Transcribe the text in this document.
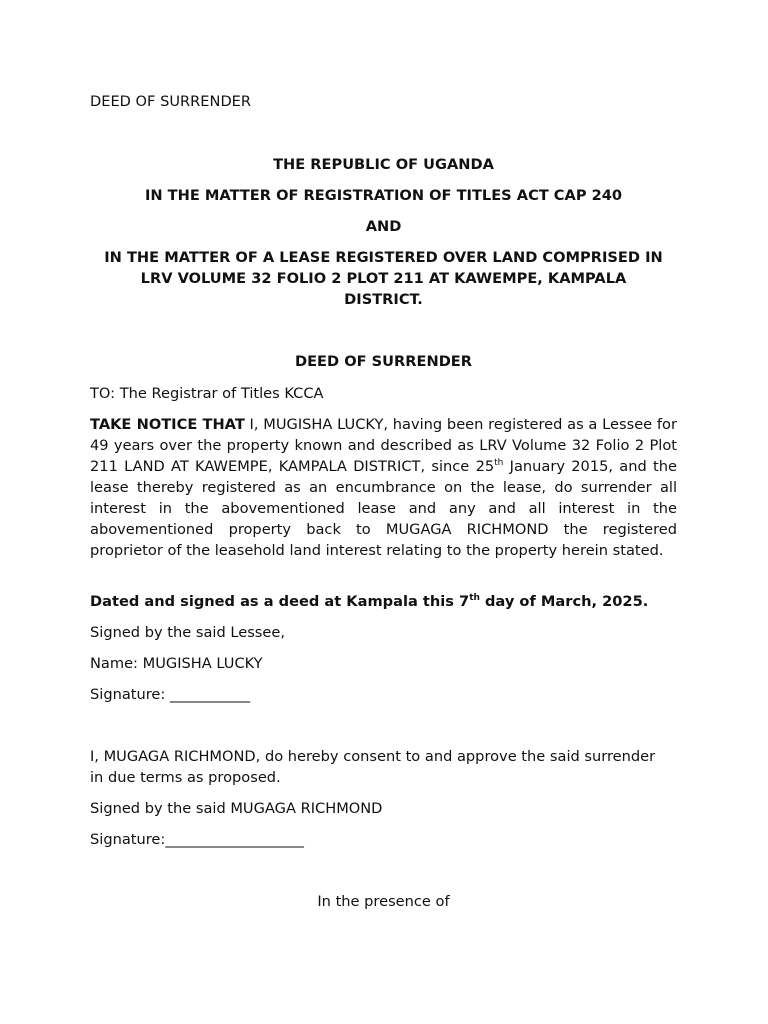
DEED OF SURRENDER
THE REPUBLIC OF UGANDA
IN THE MATTER OF REGISTRATION OF TITLES ACT CAP 240
AND
IN THE MATTER OF A LEASE REGISTERED OVER LAND COMPRISED IN
LRV VOLUME 32 FOLIO 2 PLOT 211 AT KAWEMPE, KAMPALA
DISTRICT.
DEED OF SURRENDER
TO: The Registrar of Titles KCCA
TAKE NOTICE THAT I, MUGISHA LUCKY, having been registered as a Lessee for 49 years over the property known and described as LRV Volume 32 Folio 2 Plot 211 LAND AT KAWEMPE, KAMPALA DISTRICT, since 25th January 2015, and the lease thereby registered as an encumbrance on the lease, do surrender all interest in the abovementioned lease and any and all interest in the abovementioned property back to MUGAGA RICHMOND the registered proprietor of the leasehold land interest relating to the property herein stated.
Dated and signed as a deed at Kampala this 7th day of March, 2025.
Signed by the said Lessee,
Name: MUGISHA LUCKY
Signature: ___________
I, MUGAGA RICHMOND, do hereby consent to and approve the said surrender
in due terms as proposed.
Signed by the said MUGAGA RICHMOND
Signature:___________________
In the presence of
